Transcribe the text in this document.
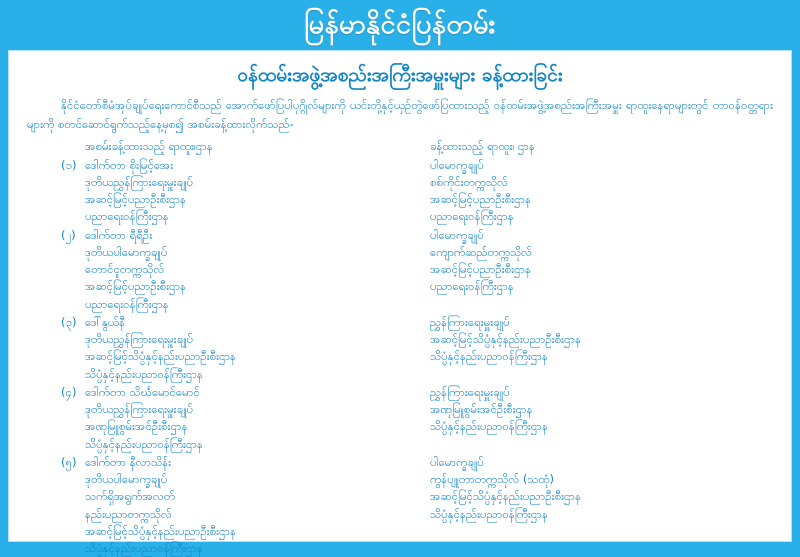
မြန်မာနိုင်ငံပြန်တမ်း
ဝန်ထမ်းအဖွဲ့အစည်းအကြီးအမှူးများ ခန့်ထားခြင်း
နိုင်ငံတော်စီမံအုပ်ချုပ်ရေးကောင်စီသည် အောက်ဖော်ပြပါပုဂ္ဂိုလ်များကို ယင်းတို့နှင့်ယှဉ်တွဲဖော်ပြထားသည့် ဝန်ထမ်းအဖွဲ့အစည်းအကြီးအမှူး ရာထူးနေရာများတွင် တာဝန်ဝတ္တရားများကို စတင်ဆောင်ရွက်သည့်နေ့မှစ၍ အစမ်းခန့်ထားလိုက်သည်-
အစမ်းခန့်ထားသည့် ရာထူး၊ဌာန	ခန့်ထားသည့် ရာထူး၊ ဌာန
(၁) ဒေါက်တာ စိုးမြင့်အေး
ဒုတိယညွှန်ကြားရေးမှူးချုပ်
အဆင့်မြင့်ပညာဦးစီးဌာန
ပညာရေးဝန်ကြီးဌာန
ပါမောက္ခချုပ်
စစ်ကိုင်းတက္ကသိုလ်
အဆင့်မြင့်ပညာဦးစီးဌာန
ပညာရေးဝန်ကြီးဌာန
(၂) ဒေါက်တာ ရီရီဦး
ဒုတိယပါမောက္ခချုပ်
တောင်ငူတက္ကသိုလ်
အဆင့်မြင့်ပညာဦးစီးဌာန
ပညာရေးဝန်ကြီးဌာန
ပါမောက္ခချုပ်
ကျောက်ဆည်တက္ကသိုလ်
အဆင့်မြင့်ပညာဦးစီးဌာန
ပညာရေးဝန်ကြီးဌာန
(၃) ဒေါ်နွယ်နီ
ဒုတိယညွှန်ကြားရေးမှူးချုပ်
အဆင့်မြင့်သိပ္ပံနှင့်နည်းပညာဦးစီးဌာန
သိပ္ပံနှင့်နည်းပညာဝန်ကြီးဌာန
ညွှန်ကြားရေးမှူးချုပ်
အဆင့်မြင့်သိပ္ပံနှင့်နည်းပညာဦးစီးဌာန
သိပ္ပံနှင့်နည်းပညာဝန်ကြီးဌာန
(၄) ဒေါက်တာ သိင်္ဃမောင်မောင်
ဒုတိယညွှန်ကြားရေးမှူးချုပ်
အဏုမြူစွမ်းအင်ဦးစီးဌာန
သိပ္ပံနှင့်နည်းပညာဝန်ကြီးဌာန
ညွှန်ကြားရေးမှူးချုပ်
အဏုမြူစွမ်းအင်ဦးစီးဌာန
သိပ္ပံနှင့်နည်းပညာဝန်ကြီးဌာန
(၅) ဒေါက်တာ နီလာသိန်း
ဒုတိယပါမောက္ခချုပ်
သက်ရှိအရွက်အလတ်
နည်းပညာတက္ကသိုလ်
အဆင့်မြင့်သိပ္ပံနှင့်နည်းပညာဦးစီးဌာန
သိပ္ပံနှင့်နည်းပညာဝန်ကြီးဌာန
ပါမောက္ခချုပ်
ကွန်ပျူတာတက္ကသိုလ် (သထုံ)
အဆင့်မြင့်သိပ္ပံနှင့်နည်းပညာဦးစီးဌာန
သိပ္ပံနှင့်နည်းပညာဝန်ကြီးဌာန
